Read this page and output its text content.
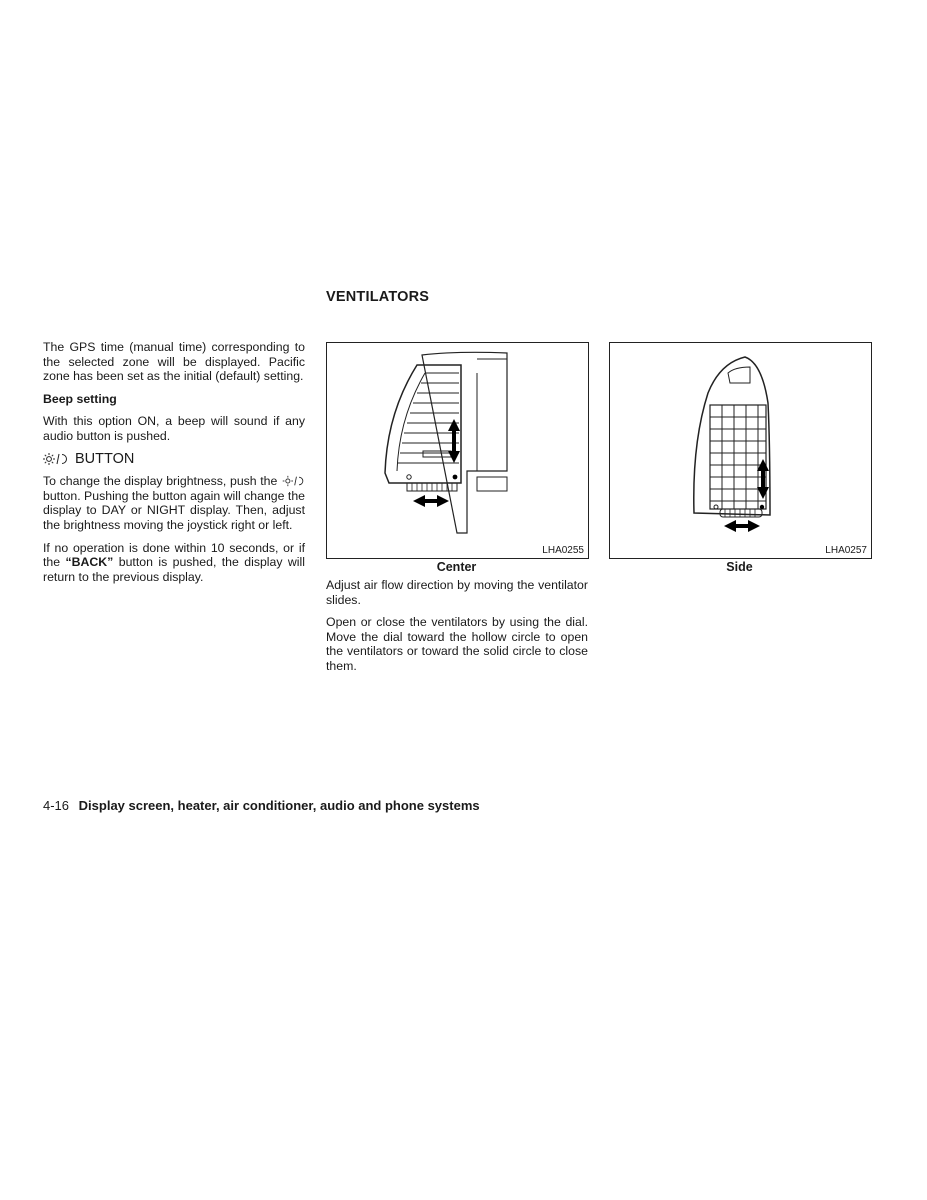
The GPS time (manual time) corresponding to the selected zone will be displayed. Pacific zone has been set as the initial (default) setting.

Beep setting

With this option ON, a beep will sound if any audio button is pushed.

BUTTON

To change the display brightness, push the  button. Pushing the button again will change the display to DAY or NIGHT display. Then, adjust the brightness moving the joystick right or left.

If no operation is done within 10 seconds, or if the “BACK” button is pushed, the display will return to the previous display.

VENTILATORS
LHA0255	LHA0257
Center	Side

Adjust air flow direction by moving the ventilator slides.

Open or close the ventilators by using the dial. Move the dial toward the hollow circle to open the ventilators or toward the solid circle to close them.

4-16 Display screen, heater, air conditioner, audio and phone systems
